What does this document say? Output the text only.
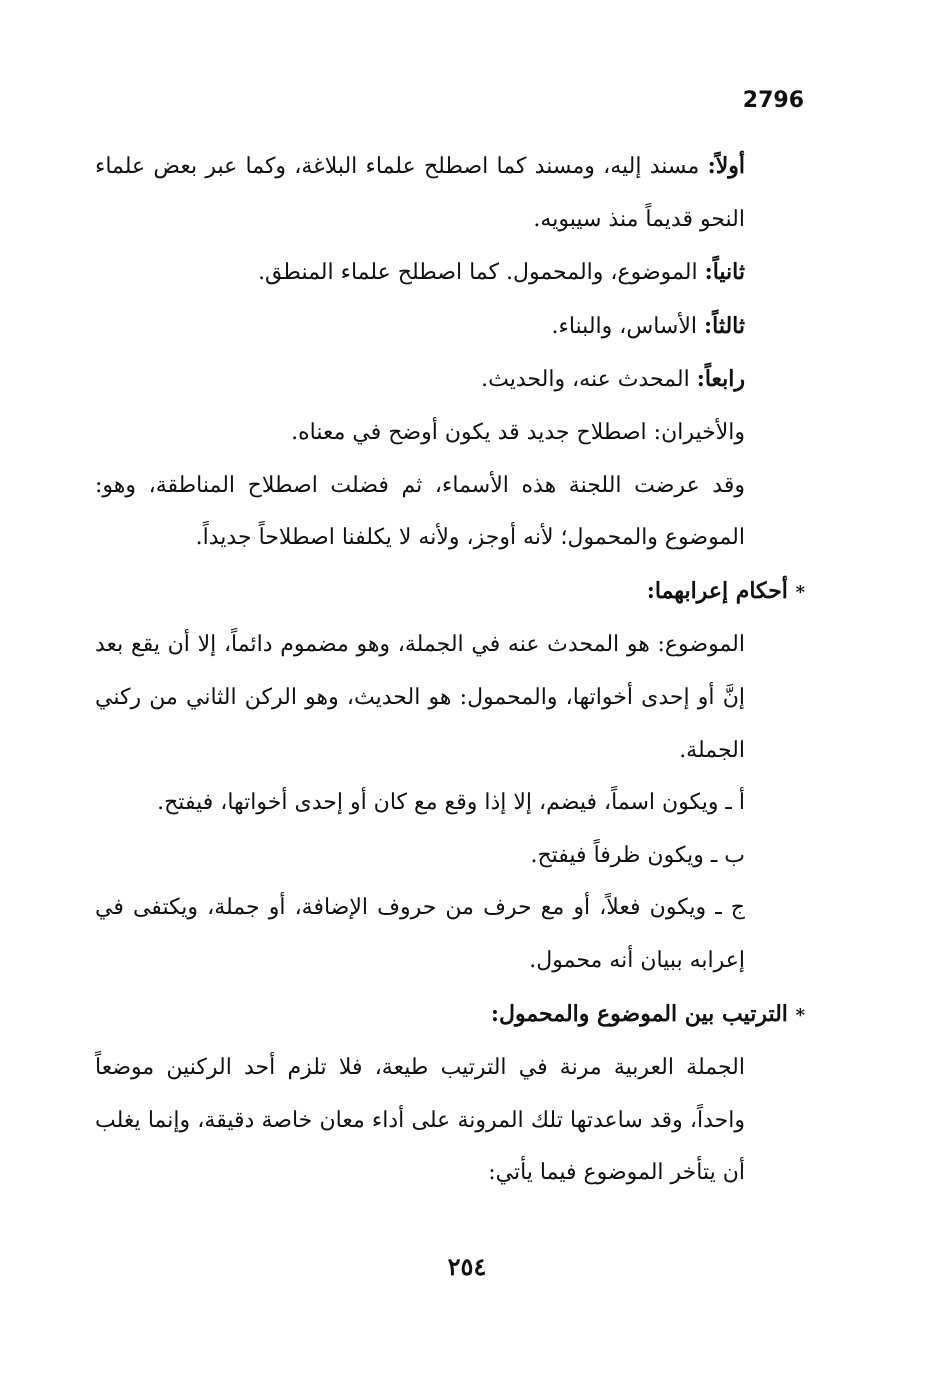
2796

أولاً: مسند إليه، ومسند كما اصطلح علماء البلاغة، وكما عبر بعض علماء النحو قديماً منذ سيبويه.

ثانياً: الموضوع، والمحمول. كما اصطلح علماء المنطق.

ثالثاً: الأساس، والبناء.

رابعاً: المحدث عنه، والحديث.

والأخيران: اصطلاح جديد قد يكون أوضح في معناه.

وقد عرضت اللجنة هذه الأسماء، ثم فضلت اصطلاح المناطقة، وهو: الموضوع والمحمول؛ لأنه أوجز، ولأنه لا يكلفنا اصطلاحاً جديداً.

* أحكام إعرابهما:

الموضوع: هو المحدث عنه في الجملة، وهو مضموم دائماً، إلا أن يقع بعد إنَّ أو إحدى أخواتها، والمحمول: هو الحديث، وهو الركن الثاني من ركني الجملة.

أ ـ ويكون اسماً، فيضم، إلا إذا وقع مع كان أو إحدى أخواتها، فيفتح.

ب ـ ويكون ظرفاً فيفتح.

ج ـ ويكون فعلاً، أو مع حرف من حروف الإضافة، أو جملة، ويكتفى في إعرابه ببيان أنه محمول.

* الترتيب بين الموضوع والمحمول:

الجملة العربية مرنة في الترتيب طيعة، فلا تلزم أحد الركنين موضعاً واحداً، وقد ساعدتها تلك المرونة على أداء معان خاصة دقيقة، وإنما يغلب أن يتأخر الموضوع فيما يأتي:

٢٥٤
